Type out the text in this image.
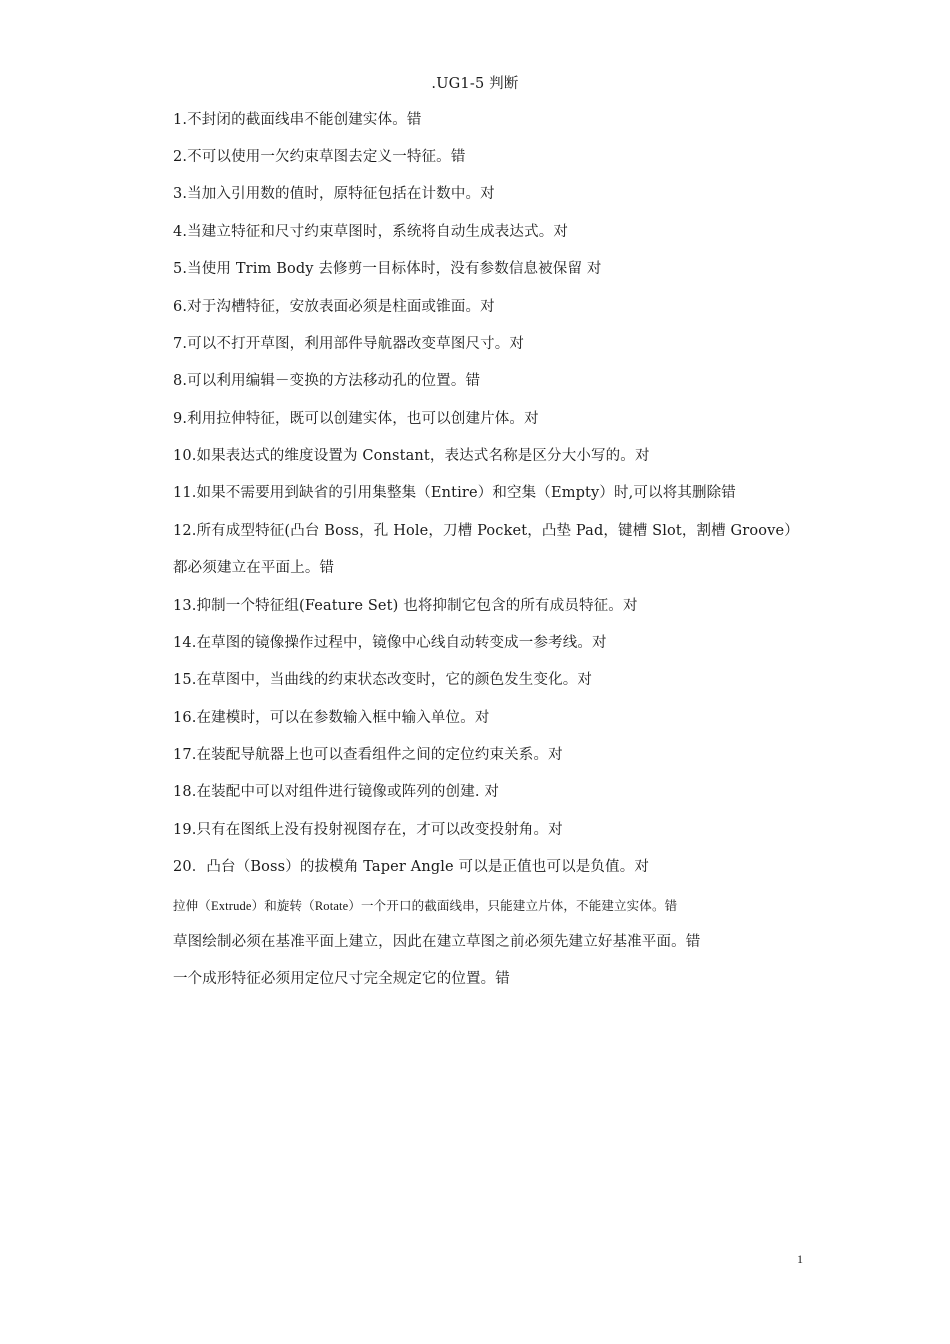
.UG1-5 判断
1.不封闭的截面线串不能创建实体。错
2.不可以使用一欠约束草图去定义一特征。错
3.当加入引用数的值时，原特征包括在计数中。对
4.当建立特征和尺寸约束草图时，系统将自动生成表达式。对
5.当使用 Trim Body 去修剪一目标体时，没有参数信息被保留 对
6.对于沟槽特征，安放表面必须是柱面或锥面。对
7.可以不打开草图，利用部件导航器改变草图尺寸。对
8.可以利用编辑－变换的方法移动孔的位置。错
9.利用拉伸特征，既可以创建实体，也可以创建片体。对
10.如果表达式的维度设置为 Constant，表达式名称是区分大小写的。对
11.如果不需要用到缺省的引用集整集（Entire）和空集（Empty）时,可以将其删除错
12.所有成型特征(凸台 Boss，孔 Hole，刀槽 Pocket，凸垫 Pad，键槽 Slot，割槽 Groove）
都必须建立在平面上。错
13.抑制一个特征组(Feature Set) 也将抑制它包含的所有成员特征。对
14.在草图的镜像操作过程中，镜像中心线自动转变成一参考线。对
15.在草图中，当曲线的约束状态改变时，它的颜色发生变化。对
16.在建模时，可以在参数输入框中输入单位。对
17.在装配导航器上也可以查看组件之间的定位约束关系。对
18.在装配中可以对组件进行镜像或阵列的创建. 对
19.只有在图纸上没有投射视图存在，才可以改变投射角。对
20．凸台（Boss）的拔模角 Taper Angle 可以是正值也可以是负值。对
拉伸（Extrude）和旋转（Rotate）一个开口的截面线串，只能建立片体，不能建立实体。错
草图绘制必须在基准平面上建立，因此在建立草图之前必须先建立好基准平面。错
一个成形特征必须用定位尺寸完全规定它的位置。错
1
